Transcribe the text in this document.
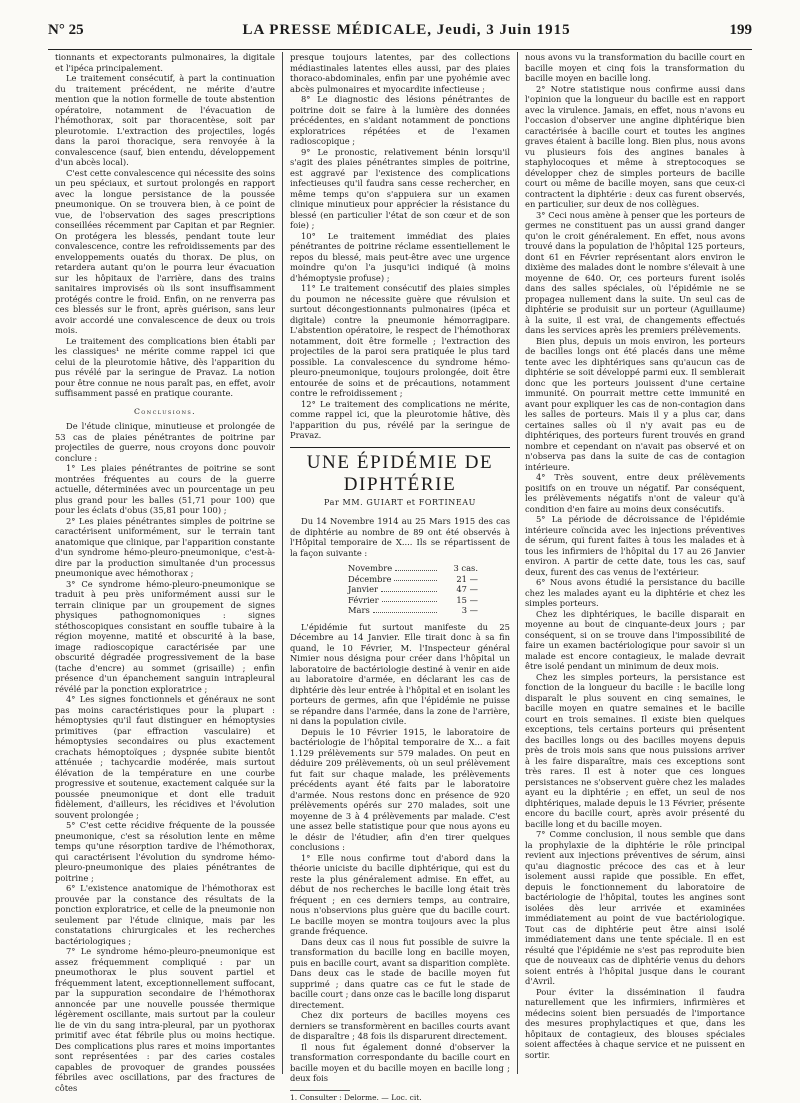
N° 25	LA PRESSE MÉDICALE, Jeudi, 3 Juin 1915	199

tionnants et expectorants pulmonaires, la digitale et l'ipéca principalement.

Le traitement consécutif, à part la continuation du traitement précédent, ne mérite d'autre mention que la notion formelle de toute abstention opératoire, notamment de l'évacuation de l'hémothorax, soit par thoracentèse, soit par pleurotomie. L'extraction des projectiles, logés dans la paroi thoracique, sera renvoyée à la convalescence (sauf, bien entendu, développement d'un abcès local).

C'est cette convalescence qui nécessite des soins un peu spéciaux, et surtout prolongés en rapport avec la longue persistance de la poussée pneumonique. On se trouvera bien, à ce point de vue, de l'observation des sages prescriptions conseillées récemment par Capitan et par Regnier. On protégera les blessés, pendant toute leur convalescence, contre les refroidissements par des enveloppements ouatés du thorax. De plus, on retardera autant qu'on le pourra leur évacuation sur les hôpitaux de l'arrière, dans des trains sanitaires improvisés où ils sont insuffisamment protégés contre le froid. Enfin, on ne renverra pas ces blessés sur le front, après guérison, sans leur avoir accordé une convalescence de deux ou trois mois.

Le traitement des complications bien établi par les classiques¹ ne mérite comme rappel ici que celui de la pleurotomie hâtive, dès l'apparition du pus révélé par la seringue de Pravaz. La notion pour être connue ne nous paraît pas, en effet, avoir suffisamment passé en pratique courante.

Conclusions.

De l'étude clinique, minutieuse et prolongée de 53 cas de plaies pénétrantes de poitrine par projectiles de guerre, nous croyons donc pouvoir conclure :

1° Les plaies pénétrantes de poitrine se sont montrées fréquentes au cours de la guerre actuelle, déterminées avec un pourcentage un peu plus grand pour les balles (51,71 pour 100) que pour les éclats d'obus (35,81 pour 100) ;

2° Les plaies pénétrantes simples de poitrine se caractérisent uniformément, sur le terrain tant anatomique que clinique, par l'apparition constante d'un syndrome hémo-pleuro-pneumonique, c'est-à-dire par la production simultanée d'un processus pneumonique avec hémothorax ;

3° Ce syndrome hémo-pleuro-pneumonique se traduit à peu près uniformément aussi sur le terrain clinique par un groupement de signes physiques pathognomoniques : signes stéthoscopiques consistant en souffle tubaire à la région moyenne, matité et obscurité à la base, image radioscopique caractérisée par une obscurité dégradée progressivement de la base (tache d'encre) au sommet (grisaille) ; enfin présence d'un épanchement sanguin intrapleural révélé par la ponction exploratrice ;

4° Les signes fonctionnels et généraux ne sont pas moins caractéristiques pour la plupart : hémoptysies qu'il faut distinguer en hémoptysies primitives (par effraction vasculaire) et hémoptysies secondaires ou plus exactement crachats hémoptoïques ; dyspnée subite bientôt atténuée ; tachycardie modérée, mais surtout élévation de la température en une courbe progressive et soutenue, exactement calquée sur la poussée pneumonique et dont elle traduit fidèlement, d'ailleurs, les récidives et l'évolution souvent prolongée ;

5° C'est cette récidive fréquente de la poussée pneumonique, c'est sa résolution lente en même temps qu'une résorption tardive de l'hémothorax, qui caractérisent l'évolution du syndrome hémo-pleuro-pneumonique des plaies pénétrantes de poitrine ;

6° L'existence anatomique de l'hémothorax est prouvée par la constance des résultats de la ponction exploratrice, et celle de la pneumonie non seulement par l'étude clinique, mais par les constatations chirurgicales et les recherches bactériologiques ;

7° Le syndrome hémo-pleuro-pneumonique est assez fréquemment compliqué : par un pneumothorax le plus souvent partiel et fréquemment latent, exceptionnellement suffocant, par la suppuration secondaire de l'hémothorax annoncée par une nouvelle poussée thermique légèrement oscillante, mais surtout par la couleur lie de vin du sang intra-pleural, par un pyothorax primitif avec état fébrile plus ou moins hectique. Des complications plus rares et moins importantes sont représentées : par des caries costales capables de provoquer de grandes poussées fébriles avec oscillations, par des fractures de côtes

presque toujours latentes, par des collections médiastinales latentes elles aussi, par des plaies thoraco-abdominales, enfin par une pyohémie avec abcès pulmonaires et myocardite infectieuse ;

8° Le diagnostic des lésions pénétrantes de poitrine doit se faire à la lumière des données précédentes, en s'aidant notamment de ponctions exploratrices répétées et de l'examen radioscopique ;

9° Le pronostic, relativement bénin lorsqu'il s'agit des plaies pénétrantes simples de poitrine, est aggravé par l'existence des complications infectieuses qu'il faudra sans cesse rechercher, en même temps qu'on s'appuiera sur un examen clinique minutieux pour apprécier la résistance du blessé (en particulier l'état de son cœur et de son foie) ;

10° Le traitement immédiat des plaies pénétrantes de poitrine réclame essentiellement le repos du blessé, mais peut-être avec une urgence moindre qu'on l'a jusqu'ici indiqué (à moins d'hémoptysie profuse) ;

11° Le traitement consécutif des plaies simples du poumon ne nécessite guère que révulsion et surtout décongestionnants pulmonaires (ipéca et digitale) contre la pneumonie hémorragipare. L'abstention opératoire, le respect de l'hémothorax notamment, doit être formelle ; l'extraction des projectiles de la paroi sera pratiquée le plus tard possible. La convalescence du syndrome hémo-pleuro-pneumonique, toujours prolongée, doit être entourée de soins et de précautions, notamment contre le refroidissement ;

12° Le traitement des complications ne mérite, comme rappel ici, que la pleurotomie hâtive, dès l'apparition du pus, révélé par la seringue de Pravaz.

UNE ÉPIDÉMIE DE DIPHTÉRIE
Par MM. GUIART et FORTINEAU

Du 14 Novembre 1914 au 25 Mars 1915 des cas de diphtérie au nombre de 89 ont été observés à l'Hôpital temporaire de X.... Ils se répartissent de la façon suivante :

Novembre	3 cas.
Décembre	21 —
Janvier	47 —
Février	15 —
Mars	3 —

L'épidémie fut surtout manifeste du 25 Décembre au 14 Janvier. Elle tirait donc à sa fin quand, le 10 Février, M. l'Inspecteur général Nimier nous désigna pour créer dans l'hôpital un laboratoire de bactériologie destiné à venir en aide au laboratoire d'armée, en déclarant les cas de diphtérie dès leur entrée à l'hôpital et en isolant les porteurs de germes, afin que l'épidémie ne puisse se répandre dans l'armée, dans la zone de l'arrière, ni dans la population civile.

Depuis le 10 Février 1915, le laboratoire de bactériologie de l'hôpital temporaire de X... a fait 1.129 prélèvements sur 579 malades. On peut en déduire 209 prélèvements, où un seul prélèvement fut fait sur chaque malade, les prélèvements précédents ayant été faits par le laboratoire d'armée. Nous restons donc en présence de 920 prélèvements opérés sur 270 malades, soit une moyenne de 3 à 4 prélèvements par malade. C'est une assez belle statistique pour que nous ayons eu le désir de l'étudier, afin d'en tirer quelques conclusions :

1° Elle nous confirme tout d'abord dans la théorie uniciste du bacille diphtérique, qui est du reste la plus généralement admise. En effet, au début de nos recherches le bacille long était très fréquent ; en ces derniers temps, au contraire, nous n'observions plus guère que du bacille court. Le bacille moyen se montra toujours avec la plus grande fréquence.

Dans deux cas il nous fut possible de suivre la transformation du bacille long en bacille moyen, puis en bacille court, avant sa disparition complète. Dans deux cas le stade de bacille moyen fut supprimé ; dans quatre cas ce fut le stade de bacille court ; dans onze cas le bacille long disparut directement.

Chez dix porteurs de bacilles moyens ces derniers se transformèrent en bacilles courts avant de disparaître ; 48 fois ils disparurent directement.

Il nous fut également donné d'observer la transformation correspondante du bacille court en bacille moyen et du bacille moyen en bacille long ; deux fois

1. Consulter : Delorme. — Loc. cit.

nous avons vu la transformation du bacille court en bacille moyen et cinq fois la transformation du bacille moyen en bacille long.

2° Notre statistique nous confirme aussi dans l'opinion que la longueur du bacille est en rapport avec la virulence. Jamais, en effet, nous n'avons eu l'occasion d'observer une angine diphtérique bien caractérisée à bacille court et toutes les angines graves étaient à bacille long. Bien plus, nous avons vu plusieurs fois des angines banales à staphylocoques et même à streptocoques se développer chez de simples porteurs de bacille court ou même de bacille moyen, sans que ceux-ci contractent la diphtérie : deux cas furent observés, en particulier, sur deux de nos collègues.

3° Ceci nous amène à penser que les porteurs de germes ne constituent pas un aussi grand danger qu'on le croit généralement. En effet, nous avons trouvé dans la population de l'hôpital 125 porteurs, dont 61 en Février représentant alors environ le dixième des malades dont le nombre s'élevait à une moyenne de 640. Or, ces porteurs furent isolés dans des salles spéciales, où l'épidémie ne se propagea nullement dans la suite. Un seul cas de diphtérie se produisit sur un porteur (Aguillaume) à la suite, il est vrai, de changements effectués dans les services après les premiers prélèvements.

Bien plus, depuis un mois environ, les porteurs de bacilles longs ont été placés dans une même tente avec les diphtériques sans qu'aucun cas de diphtérie se soit développé parmi eux. Il semblerait donc que les porteurs jouissent d'une certaine immunité. On pourrait mettre cette immunité en avant pour expliquer les cas de non-contagion dans les salles de porteurs. Mais il y a plus car, dans certaines salles où il n'y avait pas eu de diphtériques, des porteurs furent trouvés en grand nombre et cependant on n'avait pas observé et on n'observa pas dans la suite de cas de contagion intérieure.

4° Très souvent, entre deux prélèvements positifs on en trouve un négatif. Par conséquent, les prélèvements négatifs n'ont de valeur qu'à condition d'en faire au moins deux consécutifs.

5° La période de décroissance de l'épidémie intérieure coïncida avec les injections préventives de sérum, qui furent faites à tous les malades et à tous les infirmiers de l'hôpital du 17 au 26 Janvier environ. A partir de cette date, tous les cas, sauf deux, furent des cas venus de l'extérieur.

6° Nous avons étudié la persistance du bacille chez les malades ayant eu la diphtérie et chez les simples porteurs.

Chez les diphtériques, le bacille disparait en moyenne au bout de cinquante-deux jours ; par conséquent, si on se trouve dans l'impossibilité de faire un examen bactériologique pour savoir si un malade est encore contagieux, le malade devrait être isolé pendant un minimum de deux mois.

Chez les simples porteurs, la persistance est fonction de la longueur du bacille : le bacille long disparaît le plus souvent en cinq semaines, le bacille moyen en quatre semaines et le bacille court en trois semaines. Il existe bien quelques exceptions, tels certains porteurs qui présentent des bacilles longs ou des bacilles moyens depuis près de trois mois sans que nous puissions arriver à les faire disparaître, mais ces exceptions sont très rares. Il est à noter que ces longues persistances ne s'observent guère chez les malades ayant eu la diphtérie ; en effet, un seul de nos diphtériques, malade depuis le 13 Février, présente encore du bacille court, après avoir présenté du bacille long et du bacille moyen.

7° Comme conclusion, il nous semble que dans la prophylaxie de la diphtérie le rôle principal revient aux injections préventives de sérum, ainsi qu'au diagnostic précoce des cas et à leur isolement aussi rapide que possible. En effet, depuis le fonctionnement du laboratoire de bactériologie de l'hôpital, toutes les angines sont isolées dès leur arrivée et examinées immédiatement au point de vue bactériologique. Tout cas de diphtérie peut être ainsi isolé immédiatement dans une tente spéciale. Il en est résulté que l'épidémie ne s'est pas reproduite bien que de nouveaux cas de diphtérie venus du dehors soient entrés à l'hôpital jusque dans le courant d'Avril.

Pour éviter la dissémination il faudra naturellement que les infirmiers, infirmières et médecins soient bien persuadés de l'importance des mesures prophylactiques et que, dans les hôpitaux de contagieux, des blouses spéciales soient affectées à chaque service et ne puissent en sortir.
